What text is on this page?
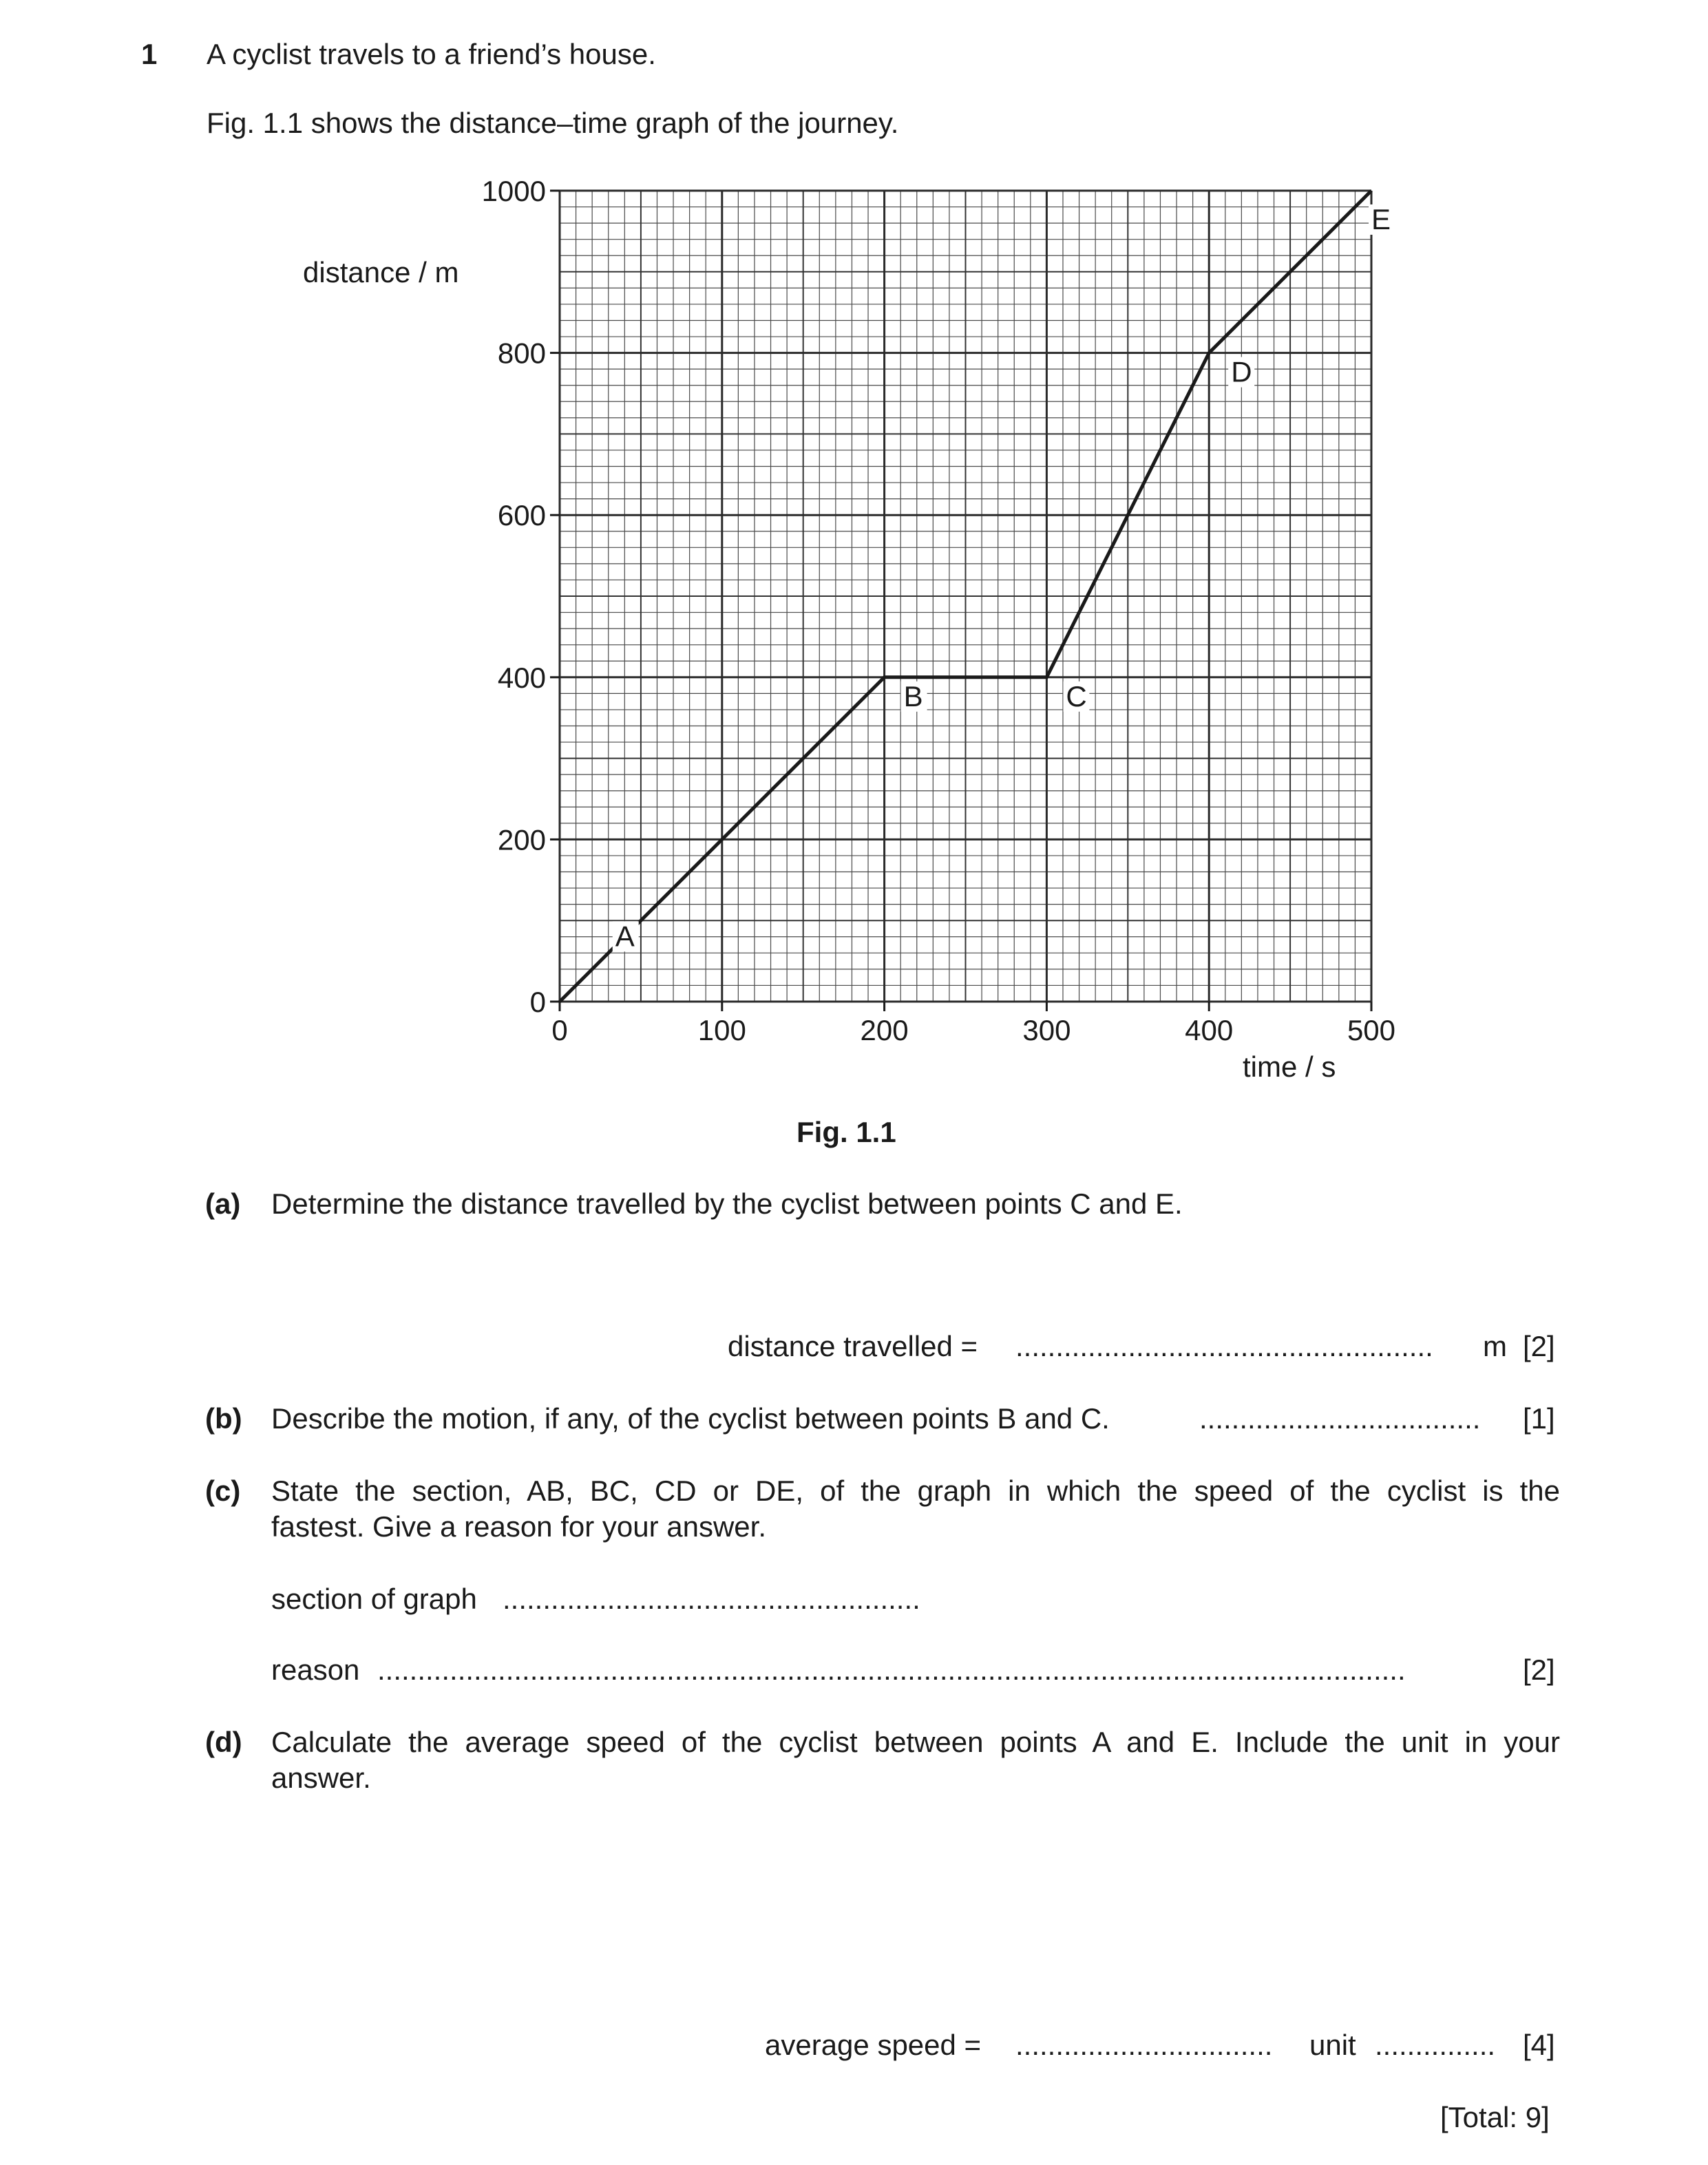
1 A cyclist travels to a friend’s house.
Fig. 1.1 shows the distance–time graph of the journey.
0
200
400
600
800
1000
0	100	200	300	400	500
A
B	C
D
E
distance / m
time / s
Fig. 1.1
(a) Determine the distance travelled by the cyclist between points C and E.
distance travelled = .................................................... m [2]
(b) Describe the motion, if any, of the cyclist between points B and C.	................................... [1]
(c) State the section, AB, BC, CD or DE, of the graph in which the speed of the cyclist is the
fastest. Give a reason for your answer.
section of graph ....................................................
reason ................................................................................................................................	[2]
(d) Calculate the average speed of the cyclist between points A and E. Include the unit in your
answer.
average speed = ................................ unit ............... [4]
[Total: 9]
